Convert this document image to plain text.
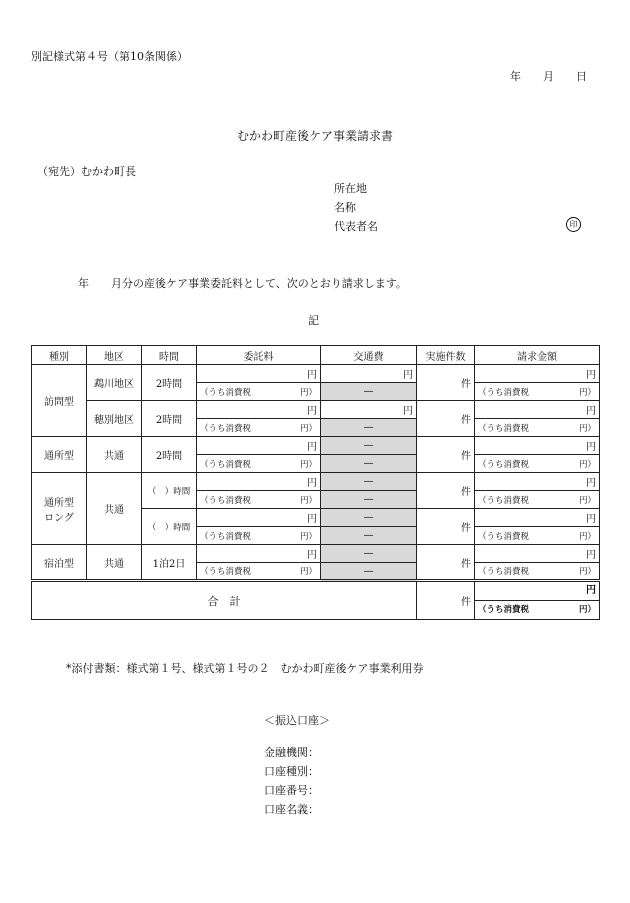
別記様式第４号（第10条関係）
年　　月　　日
むかわ町産後ケア事業請求書
（宛先）むかわ町長
所在地
名称
代表者名	印
年　　月分の産後ケア事業委託料として、次のとおり請求します。
記
種別	地区	時間	委託料	交通費	実施件数	請求金額
訪問型	鵡川地区	2時間	円	円	件	円

			（うち消費税 円）	—		（うち消費税 円）

	穂別地区	2時間	円	円	件	円

			（うち消費税 円）	—		（うち消費税 円）

通所型	共通	2時間	円	—	件	円

			（うち消費税 円）	—		（うち消費税 円）

通所型
ロング	共通	（　）時間	円	—	件	円

			（うち消費税 円）	—		（うち消費税 円）

		（　）時間	円	—	件	円

			（うち消費税 円）	—		（うち消費税 円）

宿泊型	共通	1泊2日	円	—	件	円

			（うち消費税 円）	—		（うち消費税 円）

合　計					件	円
（うち消費税 円）
*添付書類：様式第１号、様式第１号の２　むかわ町産後ケア事業利用券
＜振込口座＞
金融機関：
口座種別：
口座番号：
口座名義：
